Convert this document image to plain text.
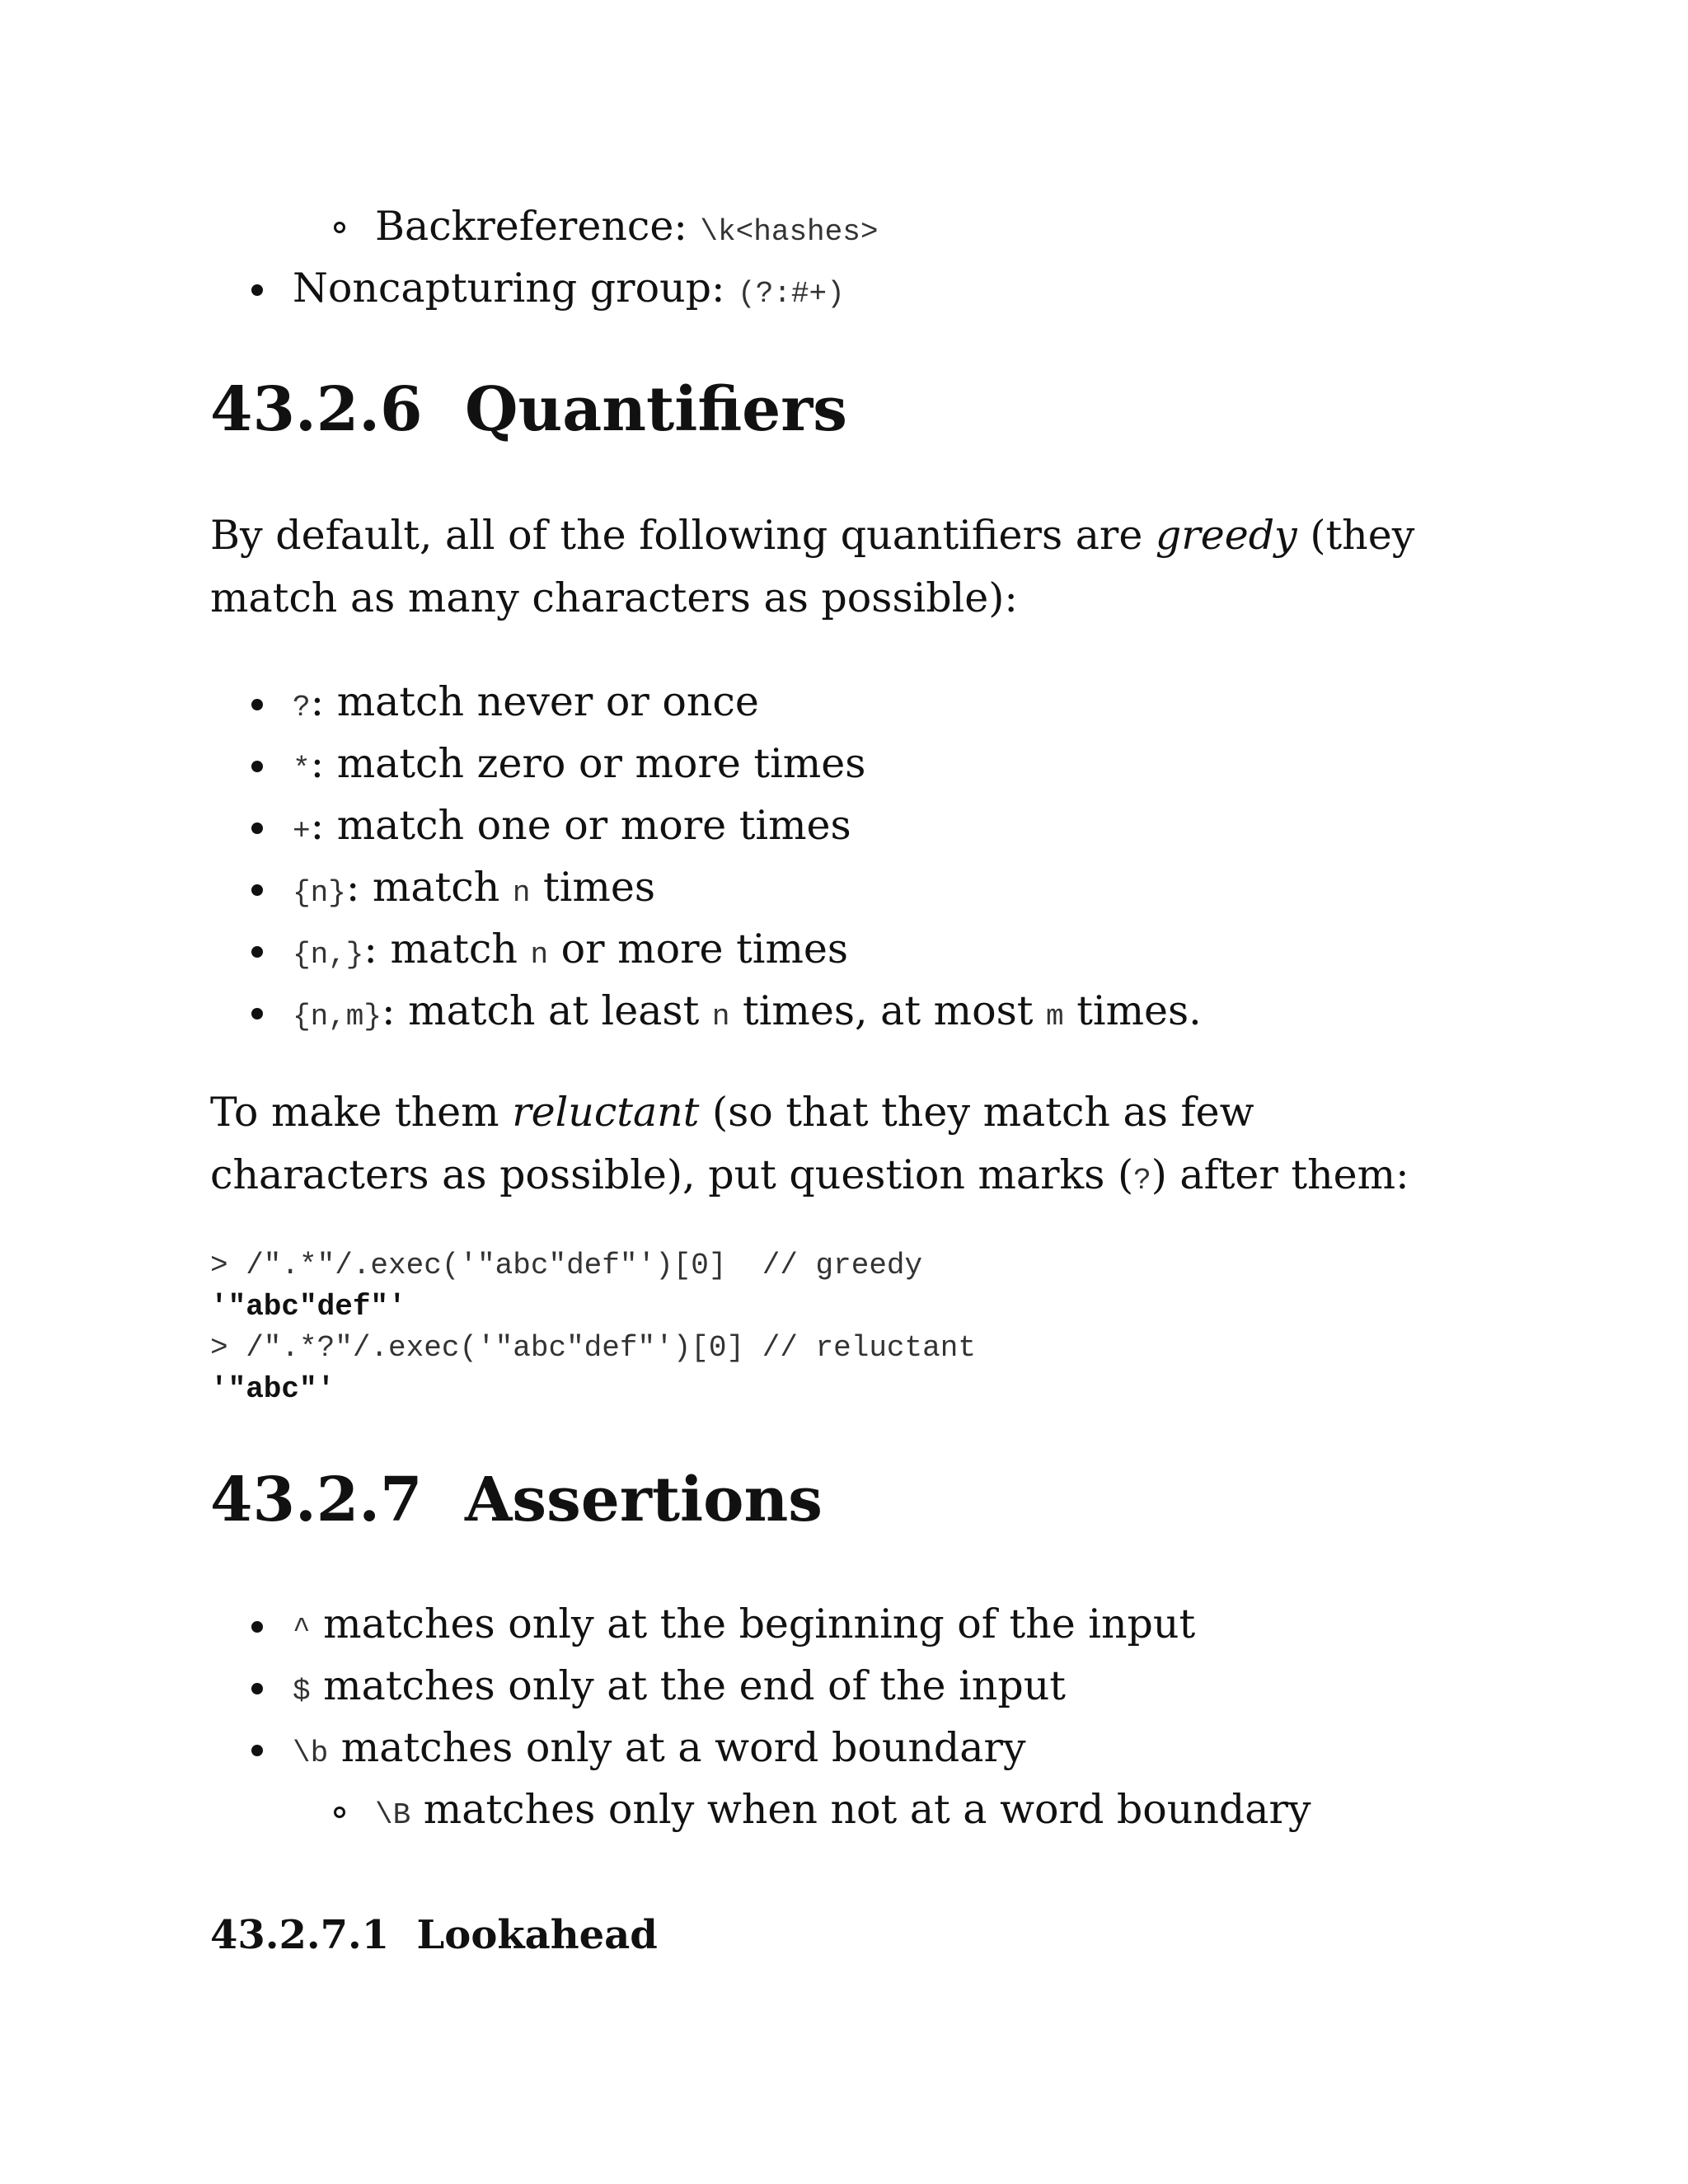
Backreference: \k<hashes>
Noncapturing group: (?:#+)
43.2.6 Quantifiers
By default, all of the following quantifiers are greedy (they match as many characters as possible):
?: match never or once
*: match zero or more times
+: match one or more times
{n}: match n times
{n,}: match n or more times
{n,m}: match at least n times, at most m times.
To make them reluctant (so that they match as few characters as possible), put question marks (?) after them:
> /".*"/.exec('"abc"def"')[0]  // greedy
'"abc"def"'
> /".*?"/.exec('"abc"def"')[0] // reluctant
'"abc"'
43.2.7 Assertions
^ matches only at the beginning of the input
$ matches only at the end of the input
\b matches only at a word boundary
\B matches only when not at a word boundary
43.2.7.1 Lookahead
